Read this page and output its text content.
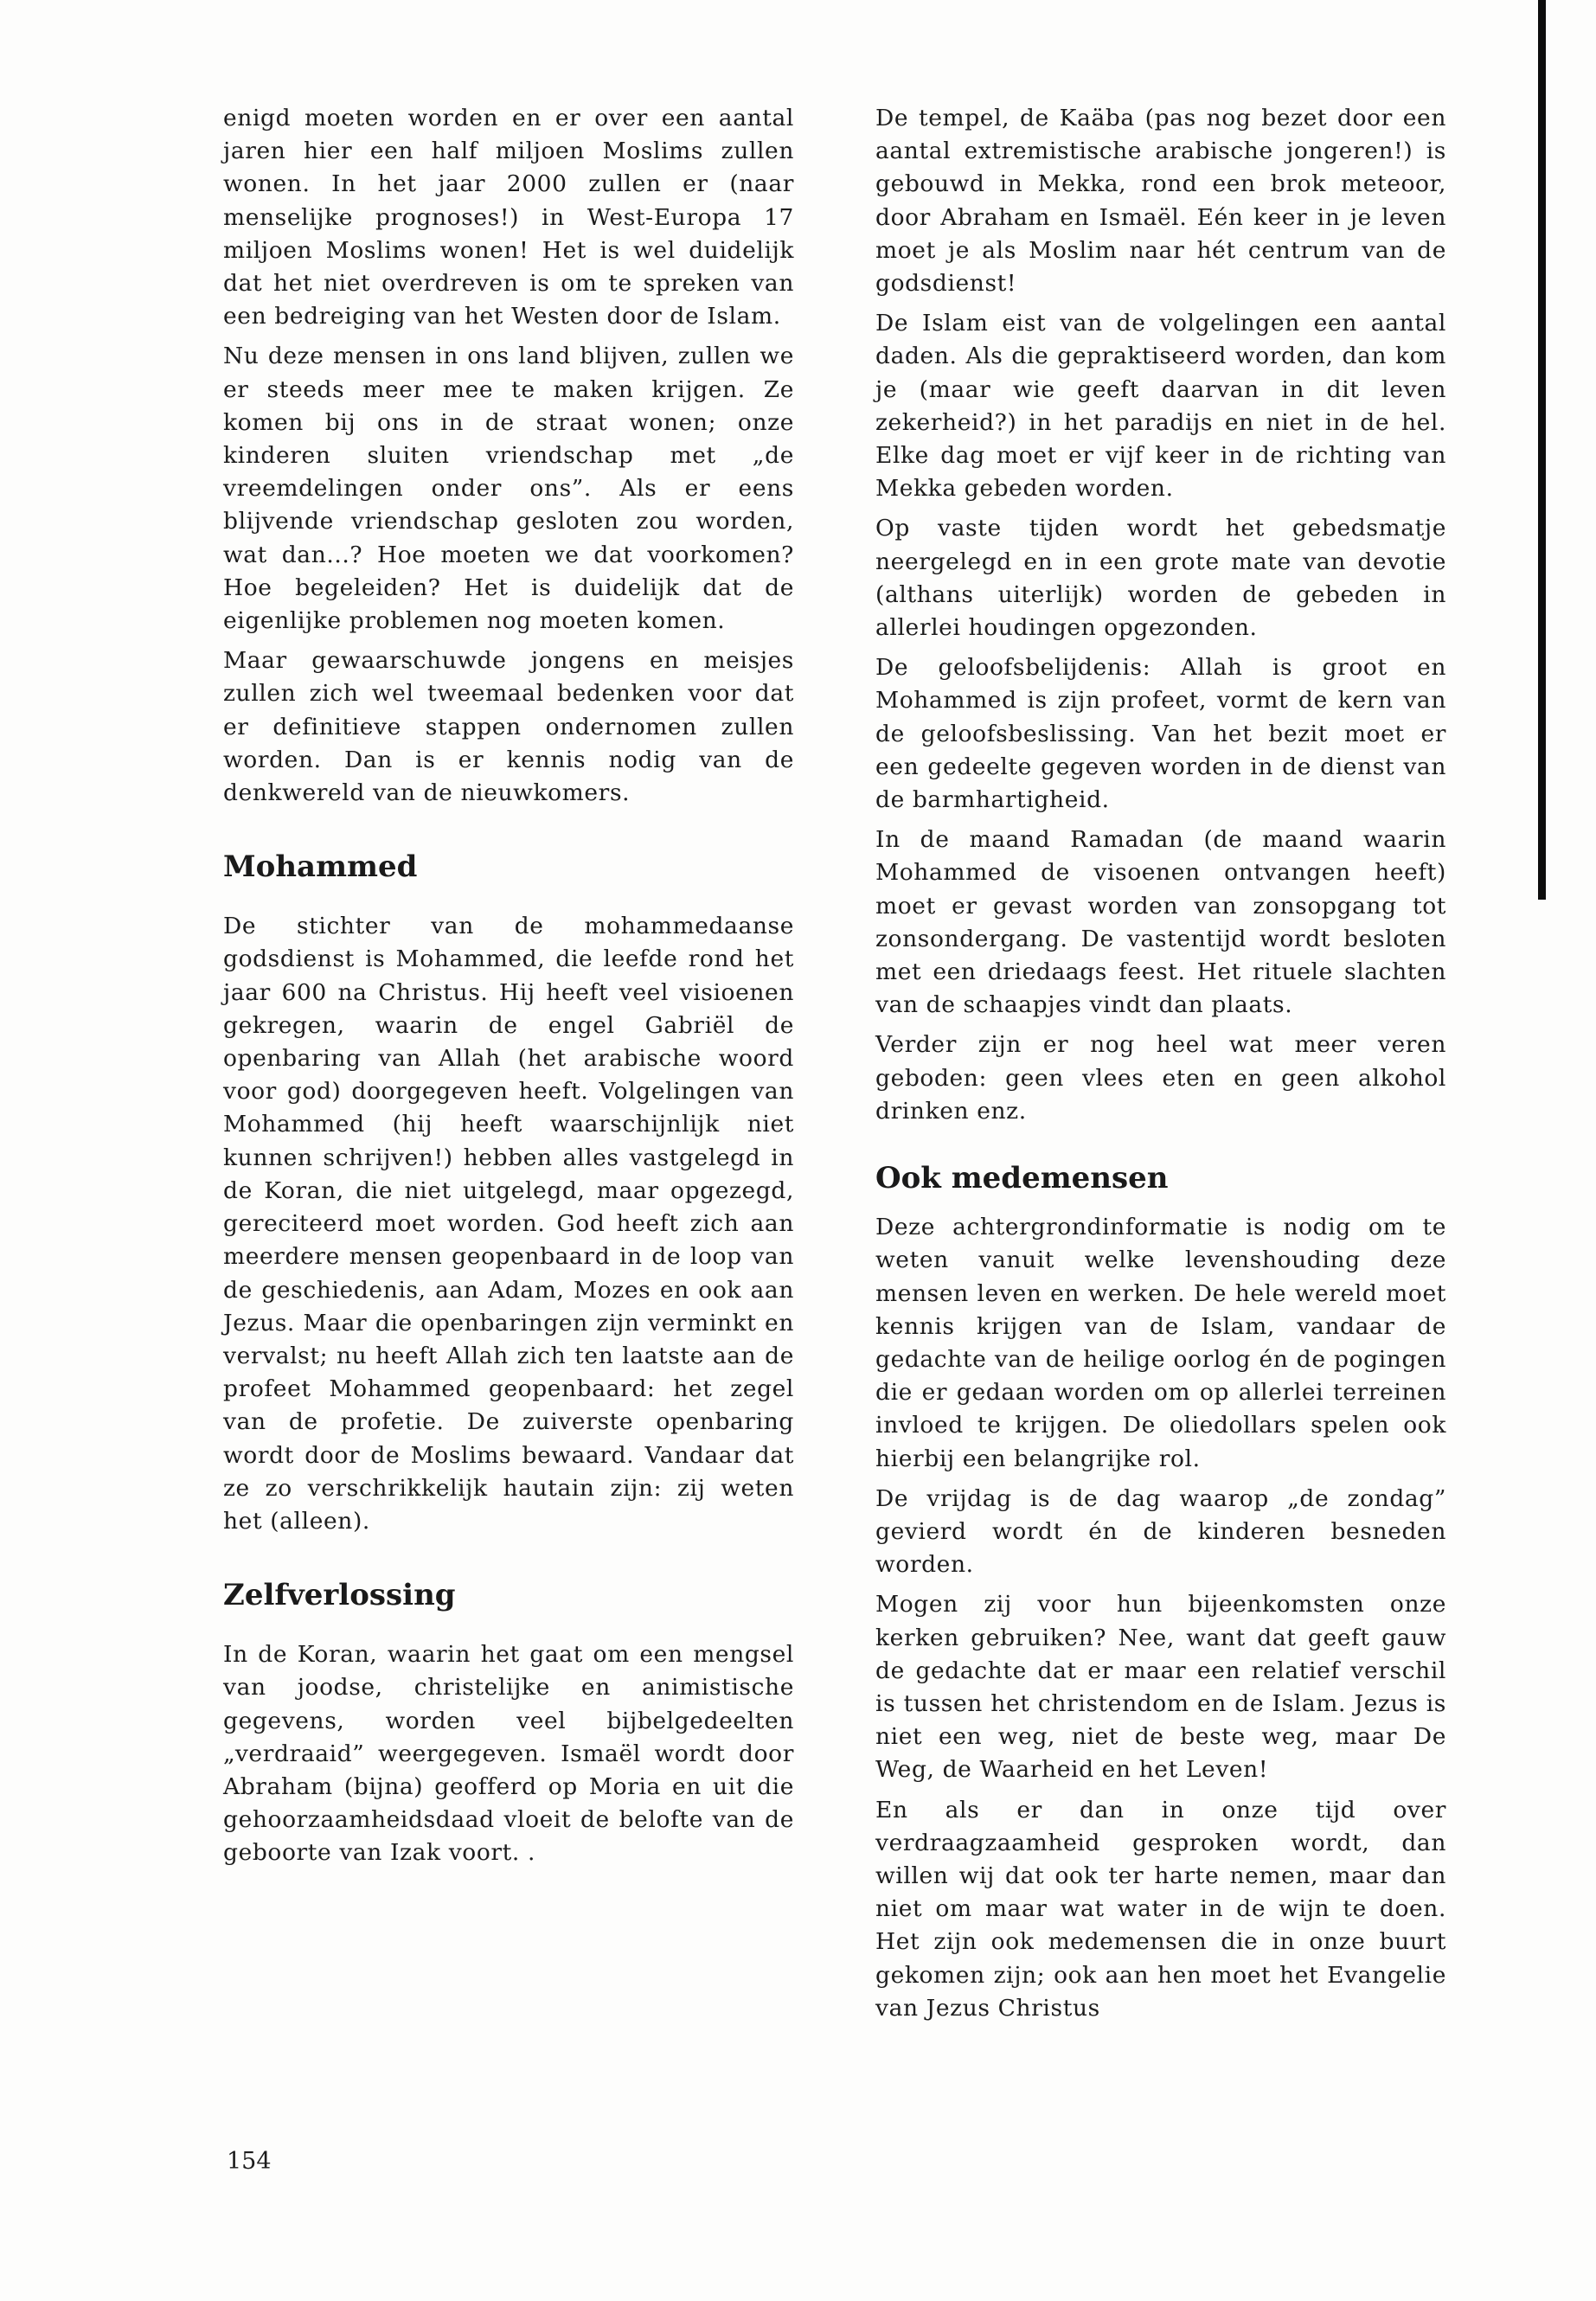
enigd moeten worden en er over een aantal jaren hier een half miljoen Moslims zullen wonen. In het jaar 2000 zullen er (naar menselijke prognoses!) in West-Europa 17 miljoen Moslims wonen! Het is wel duidelijk dat het niet overdreven is om te spreken van een bedreiging van het Westen door de Islam.

Nu deze mensen in ons land blijven, zullen we er steeds meer mee te maken krijgen. Ze komen bij ons in de straat wonen; onze kinderen sluiten vriendschap met „de vreemdelingen onder ons”. Als er eens blijvende vriendschap gesloten zou worden, wat dan...? Hoe moeten we dat voorkomen? Hoe begeleiden? Het is duidelijk dat de eigenlijke problemen nog moeten komen.

Maar gewaarschuwde jongens en meisjes zullen zich wel tweemaal bedenken voor dat er definitieve stappen ondernomen zullen worden. Dan is er kennis nodig van de denkwereld van de nieuwkomers.

Mohammed

De stichter van de mohammedaanse godsdienst is Mohammed, die leefde rond het jaar 600 na Christus. Hij heeft veel visioenen gekregen, waarin de engel Gabriël de openbaring van Allah (het arabische woord voor god) doorgegeven heeft. Volgelingen van Mohammed (hij heeft waarschijnlijk niet kunnen schrijven!) hebben alles vastgelegd in de Koran, die niet uitgelegd, maar opgezegd, gereciteerd moet worden. God heeft zich aan meerdere mensen geopenbaard in de loop van de geschiedenis, aan Adam, Mozes en ook aan Jezus. Maar die openbaringen zijn verminkt en vervalst; nu heeft Allah zich ten laatste aan de profeet Mohammed geopenbaard: het zegel van de profetie. De zuiverste openbaring wordt door de Moslims bewaard. Vandaar dat ze zo verschrikkelijk hautain zijn: zij weten het (alleen).

Zelfverlossing

In de Koran, waarin het gaat om een mengsel van joodse, christelijke en animistische gegevens, worden veel bijbelgedeelten „verdraaid” weergegeven. Ismaël wordt door Abraham (bijna) geofferd op Moria en uit die gehoorzaamheidsdaad vloeit de belofte van de geboorte van Izak voort. .

De tempel, de Kaäba (pas nog bezet door een aantal extremistische arabische jongeren!) is gebouwd in Mekka, rond een brok meteoor, door Abraham en Ismaël. Eén keer in je leven moet je als Moslim naar hét centrum van de godsdienst!

De Islam eist van de volgelingen een aantal daden. Als die gepraktiseerd worden, dan kom je (maar wie geeft daarvan in dit leven zekerheid?) in het paradijs en niet in de hel. Elke dag moet er vijf keer in de richting van Mekka gebeden worden.

Op vaste tijden wordt het gebedsmatje neergelegd en in een grote mate van devotie (althans uiterlijk) worden de gebeden in allerlei houdingen opgezonden.

De geloofsbelijdenis: Allah is groot en Mohammed is zijn profeet, vormt de kern van de geloofsbeslissing. Van het bezit moet er een gedeelte gegeven worden in de dienst van de barmhartigheid.

In de maand Ramadan (de maand waarin Mohammed de visoenen ontvangen heeft) moet er gevast worden van zonsopgang tot zonsondergang. De vastentijd wordt besloten met een driedaags feest. Het rituele slachten van de schaapjes vindt dan plaats.

Verder zijn er nog heel wat meer veren geboden: geen vlees eten en geen alkohol drinken enz.

Ook medemensen

Deze achtergrondinformatie is nodig om te weten vanuit welke levenshouding deze mensen leven en werken. De hele wereld moet kennis krijgen van de Islam, vandaar de gedachte van de heilige oorlog én de pogingen die er gedaan worden om op allerlei terreinen invloed te krijgen. De oliedollars spelen ook hierbij een belangrijke rol.

De vrijdag is de dag waarop „de zondag” gevierd wordt én de kinderen besneden worden.

Mogen zij voor hun bijeenkomsten onze kerken gebruiken? Nee, want dat geeft gauw de gedachte dat er maar een relatief verschil is tussen het christendom en de Islam. Jezus is niet een weg, niet de beste weg, maar De Weg, de Waarheid en het Leven!

En als er dan in onze tijd over verdraagzaamheid gesproken wordt, dan willen wij dat ook ter harte nemen, maar dan niet om maar wat water in de wijn te doen. Het zijn ook medemensen die in onze buurt gekomen zijn; ook aan hen moet het Evangelie van Jezus Christus

154
